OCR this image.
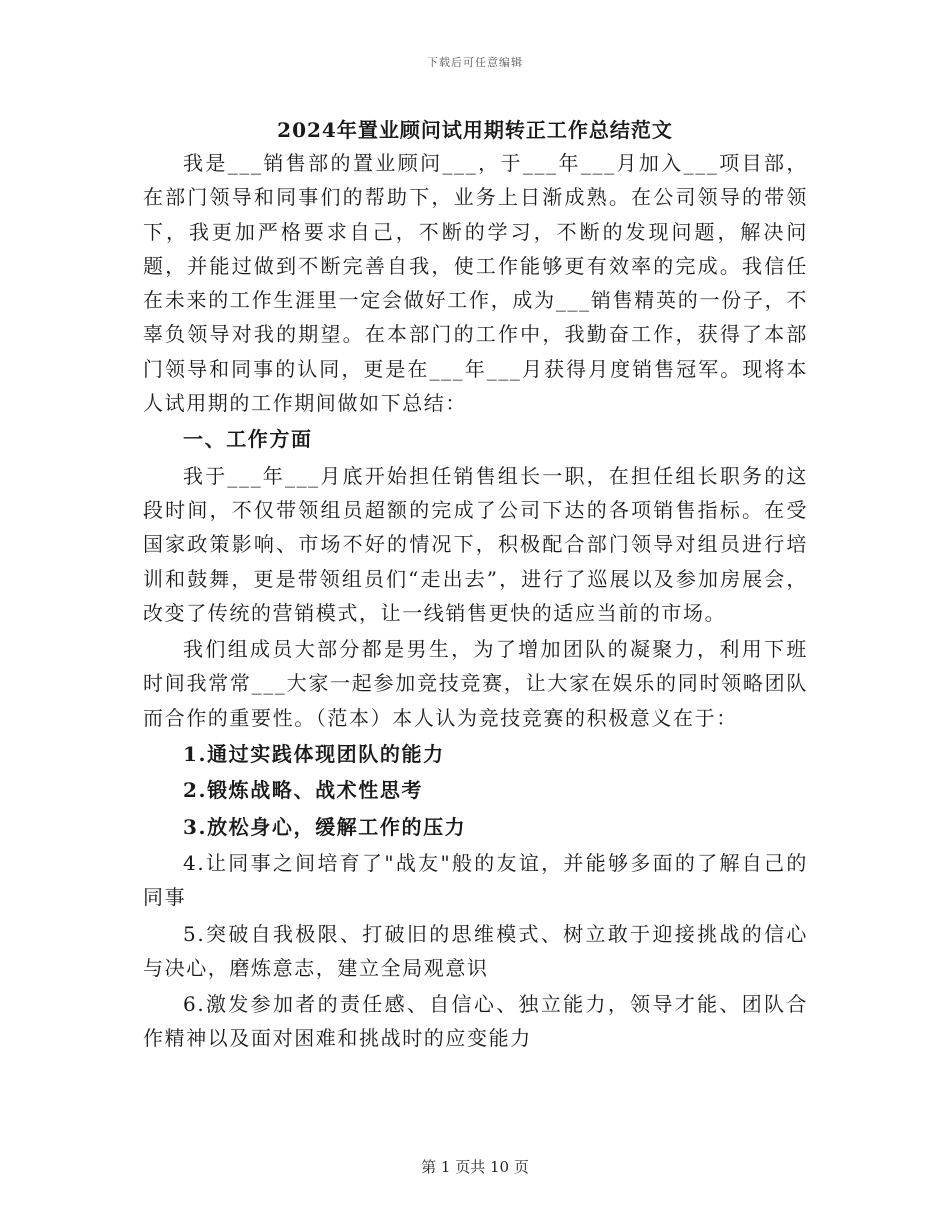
下载后可任意编辑
2024年置业顾问试用期转正工作总结范文

我是___销售部的置业顾问___，于___年___月加入___项目部，在部门领导和同事们的帮助下，业务上日渐成熟。在公司领导的带领下，我更加严格要求自己，不断的学习，不断的发现问题，解决问题，并能过做到不断完善自我，使工作能够更有效率的完成。我信任在未来的工作生涯里一定会做好工作，成为___销售精英的一份子，不辜负领导对我的期望。在本部门的工作中，我勤奋工作，获得了本部门领导和同事的认同，更是在___年___月获得月度销售冠军。现将本人试用期的工作期间做如下总结：

一、工作方面

我于___年___月底开始担任销售组长一职，在担任组长职务的这段时间，不仅带领组员超额的完成了公司下达的各项销售指标。在受国家政策影响、市场不好的情况下，积极配合部门领导对组员进行培训和鼓舞，更是带领组员们“走出去”，进行了巡展以及参加房展会，改变了传统的营销模式，让一线销售更快的适应当前的市场。

我们组成员大部分都是男生，为了增加团队的凝聚力，利用下班时间我常常___大家一起参加竞技竞赛，让大家在娱乐的同时领略团队而合作的重要性。（范本）本人认为竞技竞赛的积极意义在于：

1.通过实践体现团队的能力

2.锻炼战略、战术性思考

3.放松身心，缓解工作的压力

4.让同事之间培育了"战友"般的友谊，并能够多面的了解自己的同事

5.突破自我极限、打破旧的思维模式、树立敢于迎接挑战的信心与决心，磨炼意志，建立全局观意识

6.激发参加者的责任感、自信心、独立能力，领导才能、团队合作精神以及面对困难和挑战时的应变能力

第 1 页共 10 页
